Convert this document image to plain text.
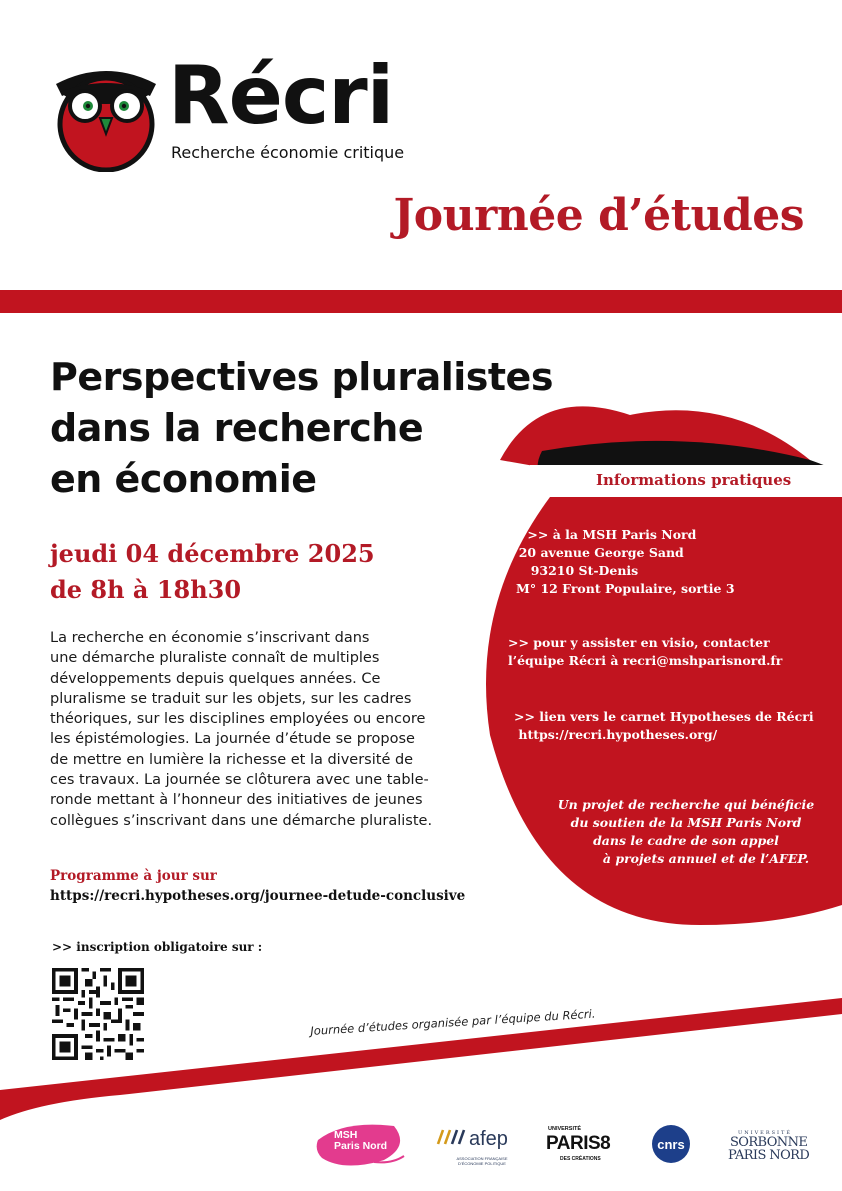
Récri
Recherche économie critique
Journée d’études
Perspectives pluralistes
dans la recherche
en économie
jeudi 04 décembre 2025
de 8h à 18h30
La recherche en économie s’inscrivant dans
une démarche pluraliste connaît de multiples
développements depuis quelques années. Ce
pluralisme se traduit sur les objets, sur les cadres
théoriques, sur les disciplines employées ou encore
les épistémologies. La journée d’étude se propose
de mettre en lumière la richesse et la diversité de
ces travaux. La journée se clôturera avec une table-
ronde mettant à l’honneur des initiatives de jeunes
collègues s’inscrivant dans une démarche pluraliste.
Programme à jour sur
https://recri.hypotheses.org/journee-detude-conclusive
>> inscription obligatoire sur :
Informations pratiques
>> à la MSH Paris Nord
20 avenue George Sand
93210 St-Denis
M° 12 Front Populaire, sortie 3
>> pour y assister en visio, contacter
l’équipe Récri à recri@mshparisnord.fr
>> lien vers le carnet Hypotheses de Récri
https://recri.hypotheses.org/
Un projet de recherche qui bénéficie
du soutien de la MSH Paris Nord
dans le cadre de son appel
à projets annuel et de l’AFEP.
Journée d’études organisée par l’équipe du Récri.
MSH
Paris Nord	afep
ASSOCIATION FRANÇAISE D'ÉCONOMIE POLITIQUE
UNIVERSITÉ
PARIS8
DES CRÉATIONS
cnrs
UNIVERSITÉ
SORBONNE
PARIS NORD
